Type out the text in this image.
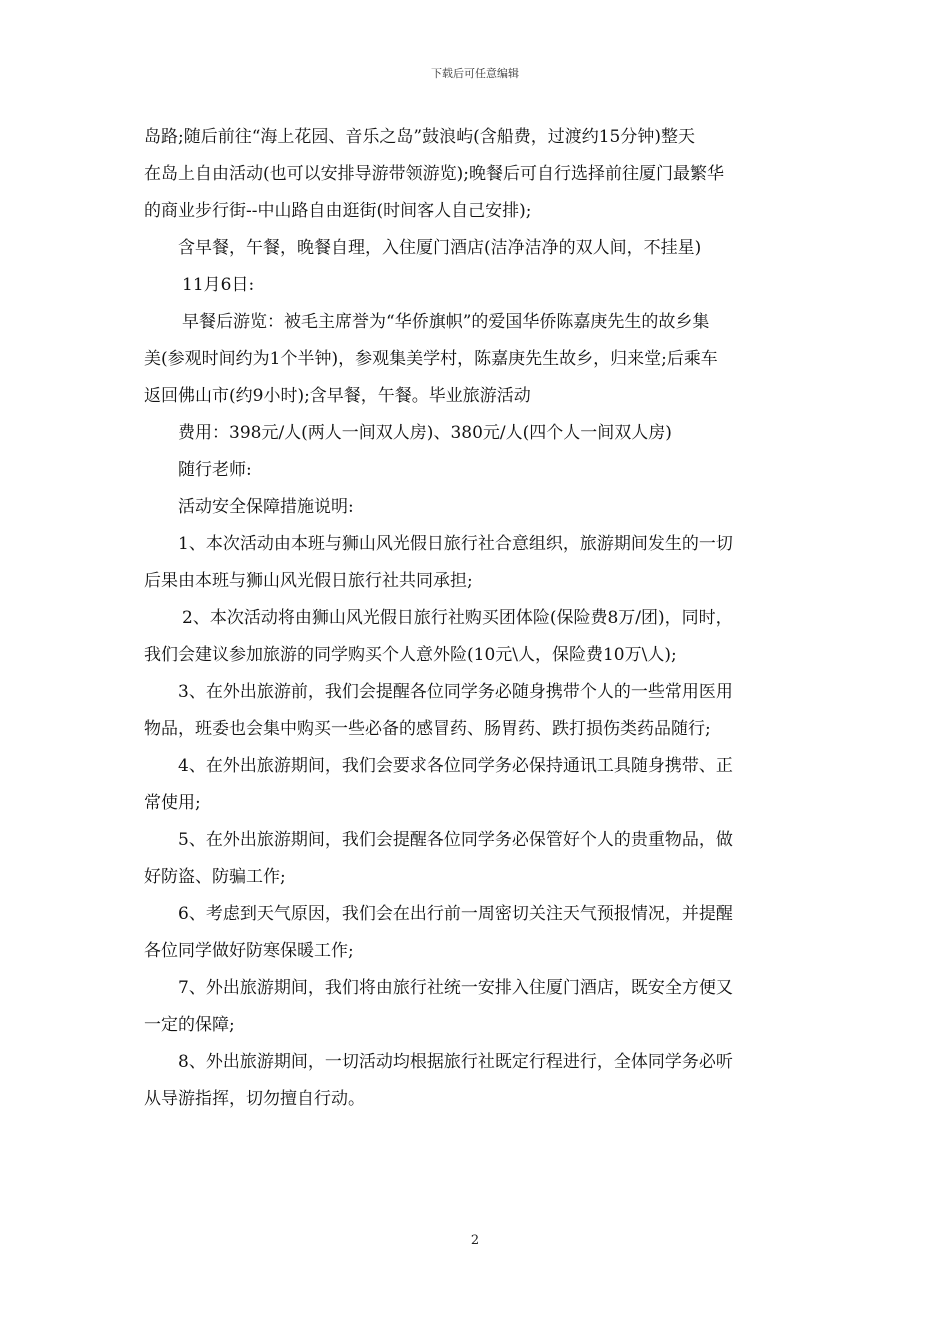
下载后可任意编辑
岛路;随后前往“海上花园、音乐之岛”鼓浪屿(含船费，过渡约15分钟)整天
在岛上自由活动(也可以安排导游带领游览);晚餐后可自行选择前往厦门最繁华
的商业步行街--中山路自由逛街(时间客人自己安排);
含早餐，午餐，晚餐自理，入住厦门酒店(洁净洁净的双人间，不挂星)
11月6日:
早餐后游览：被毛主席誉为“华侨旗帜”的爱国华侨陈嘉庚先生的故乡集
美(参观时间约为1个半钟)，参观集美学村，陈嘉庚先生故乡，归来堂;后乘车
返回佛山市(约9小时);含早餐，午餐。毕业旅游活动
费用：398元/人(两人一间双人房)、380元/人(四个人一间双人房)
随行老师:
活动安全保障措施说明:
1、本次活动由本班与狮山风光假日旅行社合意组织，旅游期间发生的一切
后果由本班与狮山风光假日旅行社共同承担;
2、本次活动将由狮山风光假日旅行社购买团体险(保险费8万/团)，同时，
我们会建议参加旅游的同学购买个人意外险(10元\人，保险费10万\人);
3、在外出旅游前，我们会提醒各位同学务必随身携带个人的一些常用医用
物品，班委也会集中购买一些必备的感冒药、肠胃药、跌打损伤类药品随行;
4、在外出旅游期间，我们会要求各位同学务必保持通讯工具随身携带、正
常使用;
5、在外出旅游期间，我们会提醒各位同学务必保管好个人的贵重物品，做
好防盗、防骗工作;
6、考虑到天气原因，我们会在出行前一周密切关注天气预报情况，并提醒
各位同学做好防寒保暖工作;
7、外出旅游期间，我们将由旅行社统一安排入住厦门酒店，既安全方便又
一定的保障;
8、外出旅游期间，一切活动均根据旅行社既定行程进行，全体同学务必听
从导游指挥，切勿擅自行动。
2
